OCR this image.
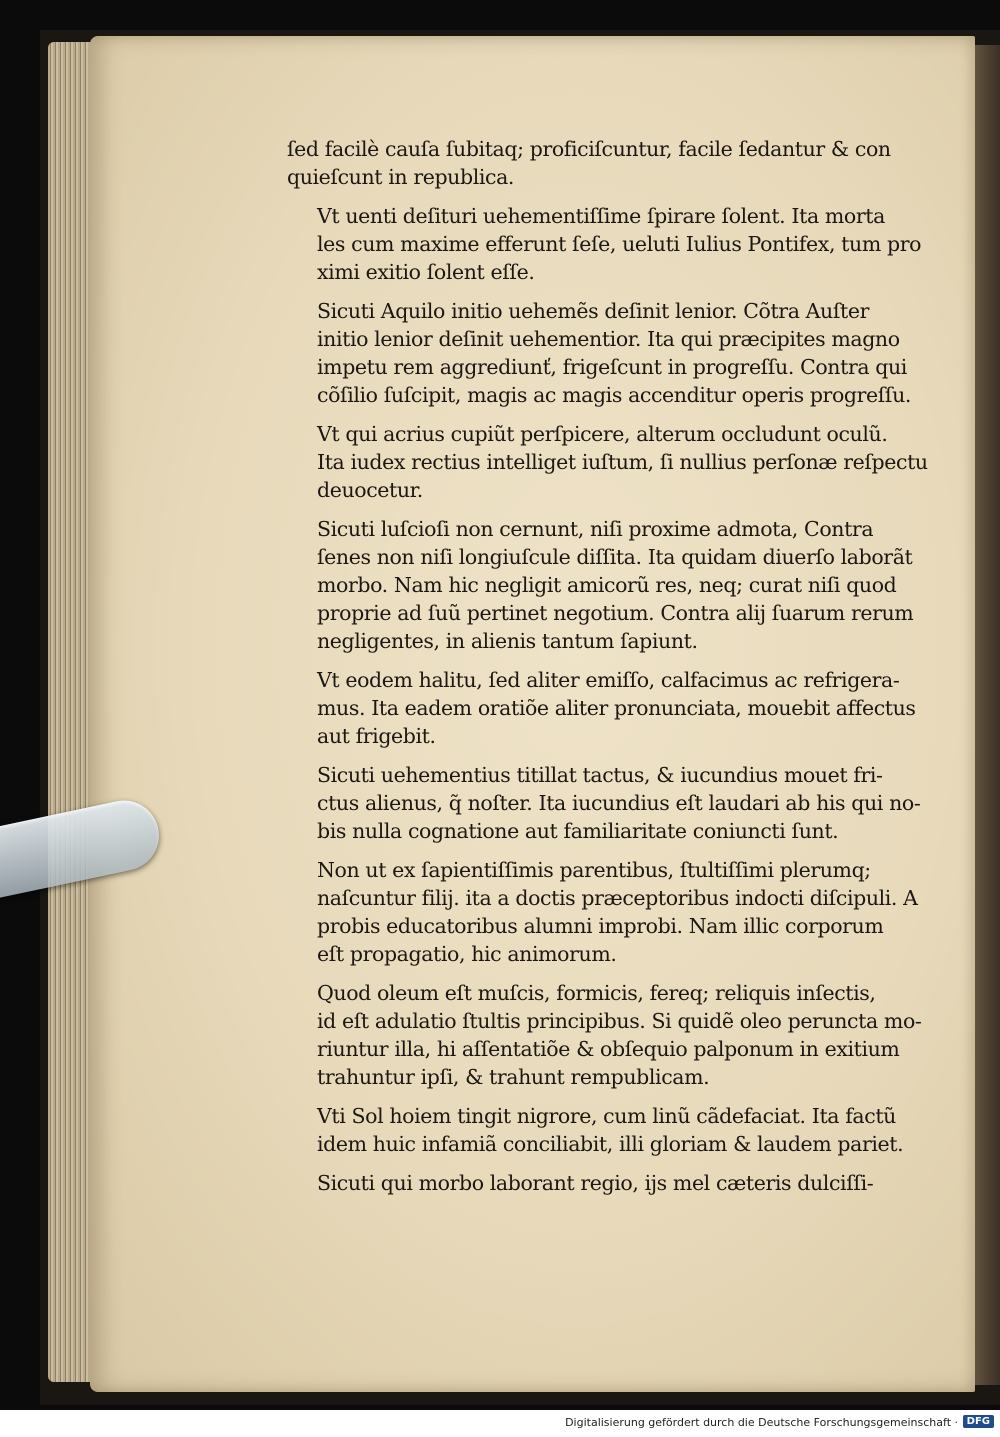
ſed facilè cauſa ſubitaq; proficiſcuntur, facile ſedantur & con
quieſcunt in republica.
Vt uenti deſituri uehementiſſime ſpirare ſolent. Ita morta
les cum maxime efferunt ſeſe, ueluti Iulius Pontifex, tum pro
ximi exitio ſolent eſſe.
Sicuti Aquilo initio uehemẽs deſinit lenior. Cõtra Auſter
initio lenior deſinit uehementior. Ita qui præcipites magno
impetu rem aggrediunť, frigeſcunt in progreſſu. Contra qui
cõſilio ſuſcipit, magis ac magis accenditur operis progreſſu.
Vt qui acrius cupiũt perſpicere, alterum occludunt oculũ.
Ita iudex rectius intelliget iuſtum, ſi nullius perſonæ reſpectu
deuocetur.
Sicuti luſcioſi non cernunt, niſi proxime admota, Contra
ſenes non niſi longiuſcule diſſita. Ita quidam diuerſo laborãt
morbo. Nam hic negligit amicorũ res, neq; curat niſi quod
proprie ad ſuũ pertinet negotium. Contra alij ſuarum rerum
negligentes, in alienis tantum ſapiunt.
Vt eodem halitu, ſed aliter emiſſo, calfacimus ac refrigera-
mus. Ita eadem oratiõe aliter pronunciata, mouebit affectus
aut frigebit.
Sicuti uehementius titillat tactus, & iucundius mouet fri-
ctus alienus, q̃ noſter. Ita iucundius eſt laudari ab his qui no-
bis nulla cognatione aut familiaritate coniuncti ſunt.
Non ut ex ſapientiſſimis parentibus, ſtultiſſimi plerumq;
naſcuntur filij. ita a doctis præceptoribus indocti diſcipuli. A
probis educatoribus alumni improbi. Nam illic corporum
eſt propagatio, hic animorum.
Quod oleum eſt muſcis, formicis, fereq; reliquis inſectis,
id eſt adulatio ſtultis principibus. Si quidẽ oleo peruncta mo-
riuntur illa, hi aſſentatiõe & obſequio palponum in exitium
trahuntur ipſi, & trahunt rempublicam.
Vti Sol hoiem tingit nigrore, cum linũ cãdefaciat. Ita factũ
idem huic infamiã conciliabit, illi gloriam & laudem pariet.
Sicuti qui morbo laborant regio, ijs mel cæteris dulciſſi-
Digitalisierung gefördert durch die Deutsche Forschungsgemeinschaft · DFG
